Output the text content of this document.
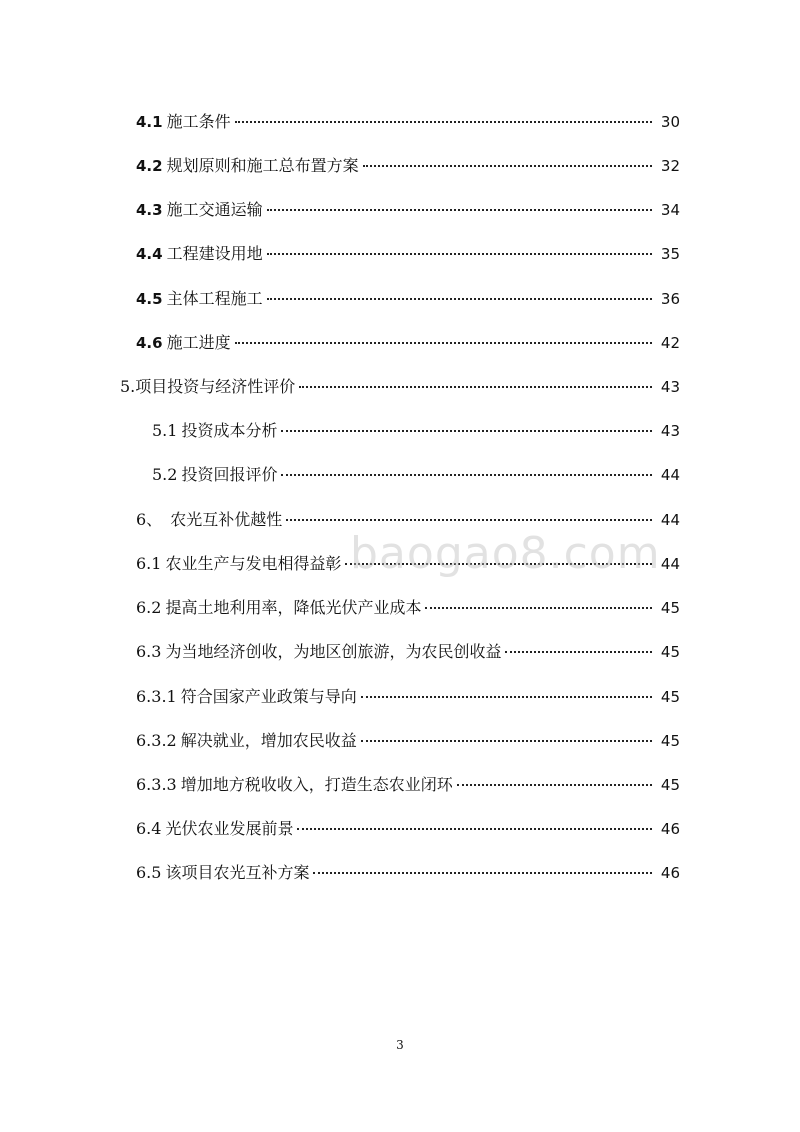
4.1 施工条件	30
4.2 规划原则和施工总布置方案	32
4.3 施工交通运输	34
4.4 工程建设用地	35
4.5 主体工程施工	36
4.6 施工进度	42
5. 项目投资与经济性评价	43
5.1 投资成本分析	43
5.2 投资回报评价	44
6、 农光互补优越性	44
6.1 农业生产与发电相得益彰	44
6.2 提高土地利用率，降低光伏产业成本	45
6.3 为当地经济创收，为地区创旅游，为农民创收益	45
6.3.1 符合国家产业政策与导向	45
6.3.2 解决就业，增加农民收益	45
6.3.3 增加地方税收收入，打造生态农业闭环	45
6.4 光伏农业发展前景	46
6.5 该项目农光互补方案	46
baogao8.com
3
